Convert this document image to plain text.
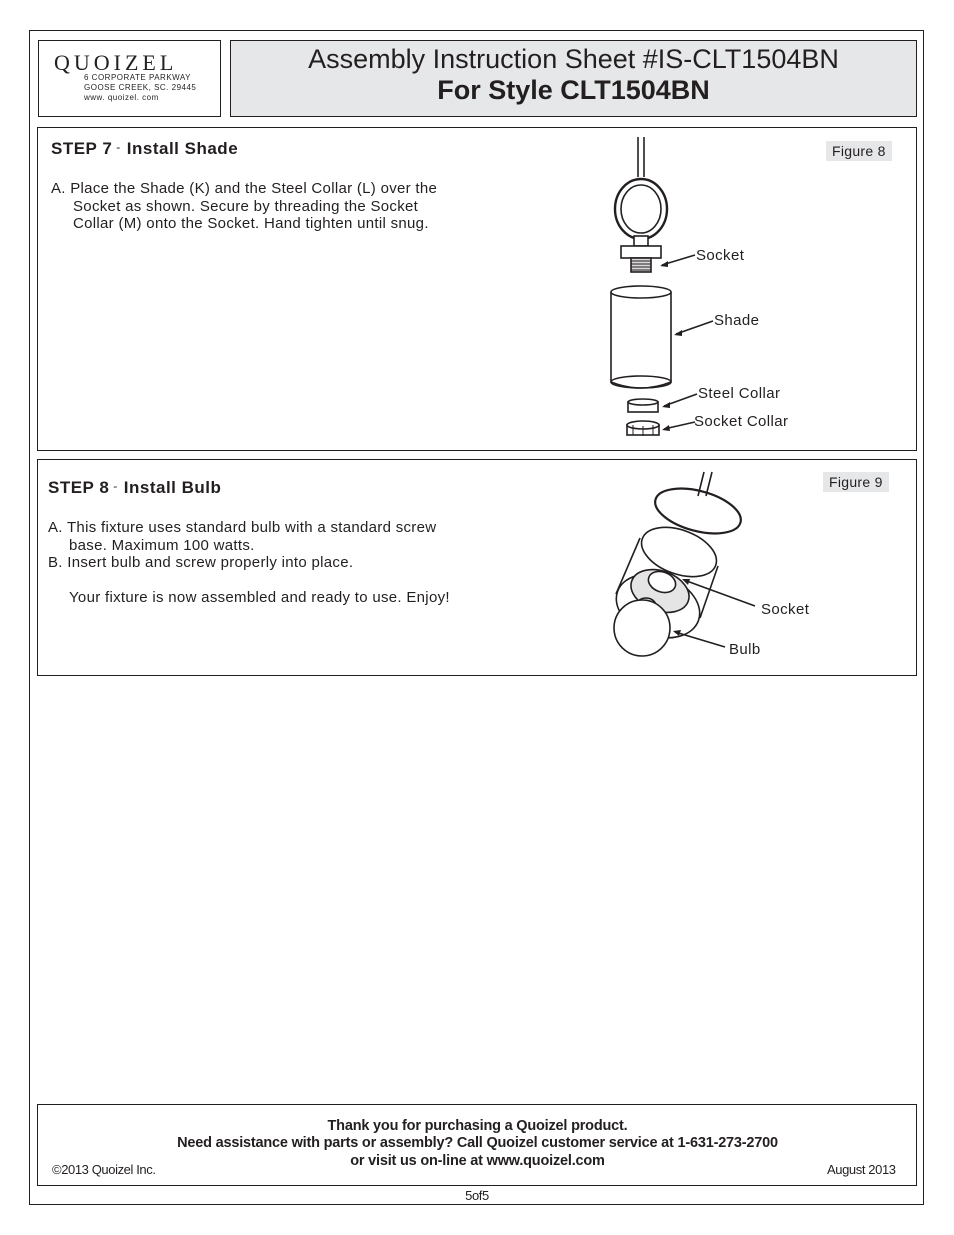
QUOIZEL
6 CORPORATE PARKWAY
GOOSE CREEK, SC. 29445
www. quoizel. com
Assembly Instruction Sheet #IS-CLT1504BN
For Style CLT1504BN
STEP 7 - Install Shade
A. Place the Shade (K) and the Steel Collar (L) over the
Socket as shown. Secure by threading the Socket
Collar (M) onto the Socket. Hand tighten until snug.
Figure 8
Socket
Shade
Steel Collar
Socket Collar
STEP 8 - Install Bulb
A. This fixture uses standard bulb with a standard screw
base. Maximum 100 watts.
B. Insert bulb and screw properly into place.
Your fixture is now assembled and ready to use. Enjoy!
Figure 9
Socket
Bulb
Thank you for purchasing a Quoizel product.
Need assistance with parts or assembly? Call Quoizel customer service at 1-631-273-2700
or visit us on-line at www.quoizel.com
©2013 Quoizel Inc.	August 2013
5of5
